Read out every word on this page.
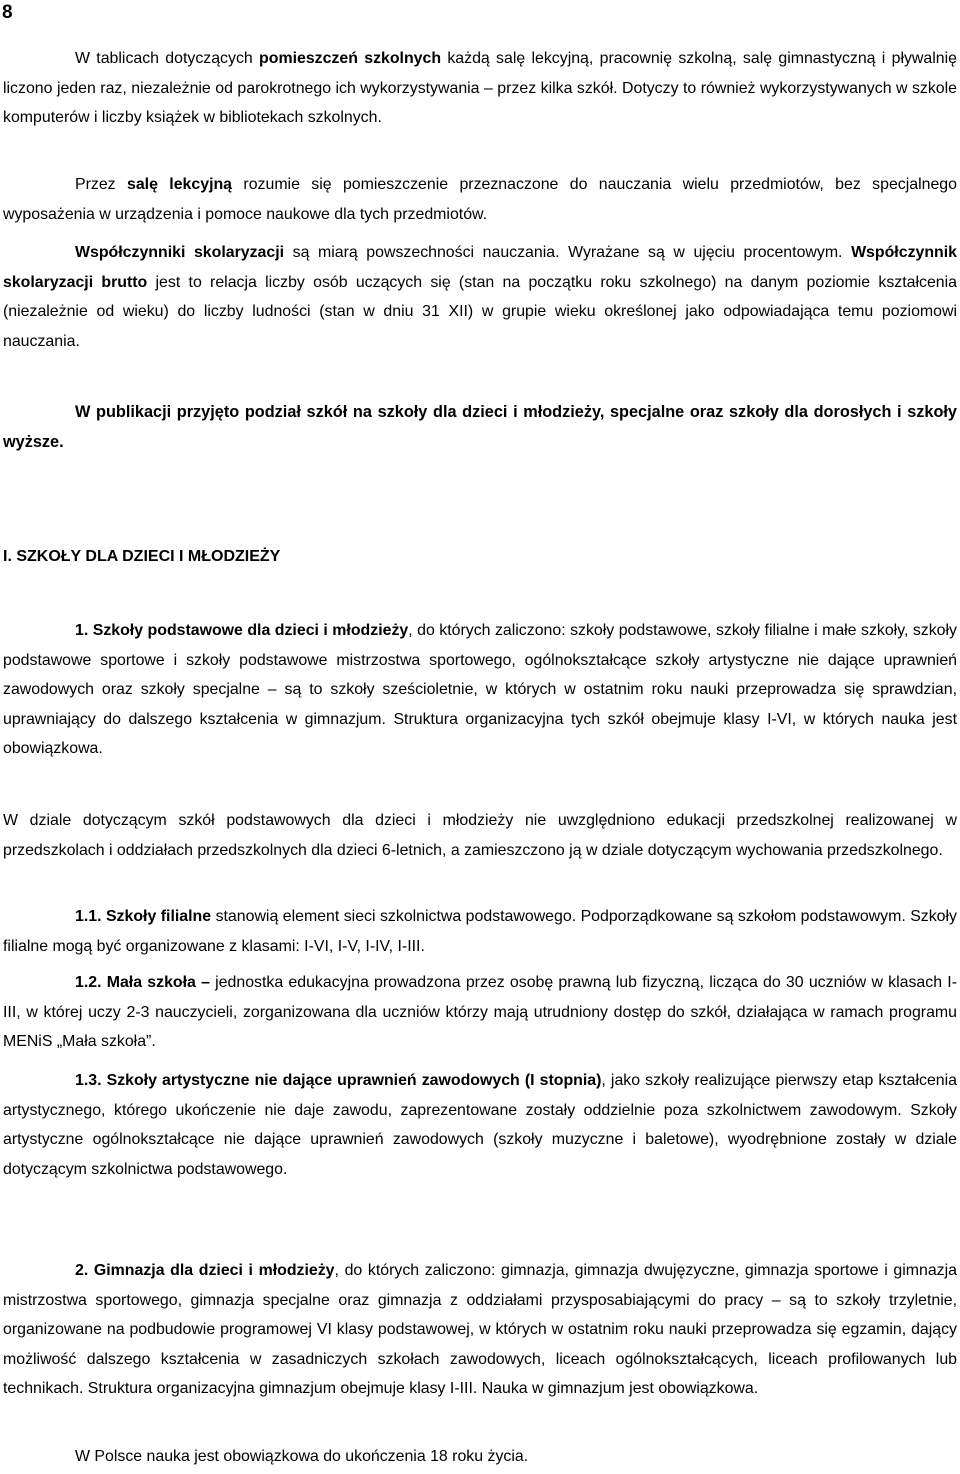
8

W tablicach dotyczących pomieszczeń szkolnych każdą salę lekcyjną, pracownię szkolną, salę gimnastyczną i pływalnię liczono jeden raz, niezależnie od parokrotnego ich wykorzystywania – przez kilka szkół. Dotyczy to również wykorzystywanych w szkole komputerów i liczby książek w bibliotekach szkolnych.

Przez salę lekcyjną rozumie się pomieszczenie przeznaczone do nauczania wielu przedmiotów, bez specjalnego wyposażenia w urządzenia i pomoce naukowe dla tych przedmiotów.

Współczynniki skolaryzacji są miarą powszechności nauczania. Wyrażane są w ujęciu procentowym. Współczynnik skolaryzacji brutto jest to relacja liczby osób uczących się (stan na początku roku szkolnego) na danym poziomie kształcenia (niezależnie od wieku) do liczby ludności (stan w dniu 31 XII) w grupie wieku określonej jako odpowiadająca temu poziomowi nauczania.

W publikacji przyjęto podział szkół na szkoły dla dzieci i młodzieży, specjalne oraz szkoły dla dorosłych i szkoły wyższe.

I. SZKOŁY DLA DZIECI I MŁODZIEŻY

1. Szkoły podstawowe dla dzieci i młodzieży, do których zaliczono: szkoły podstawowe, szkoły filialne i małe szkoły, szkoły podstawowe sportowe i szkoły podstawowe mistrzostwa sportowego, ogólnokształcące szkoły artystyczne nie dające uprawnień zawodowych oraz szkoły specjalne – są to szkoły sześcioletnie, w których w ostatnim roku nauki przeprowadza się sprawdzian, uprawniający do dalszego kształcenia w gimnazjum. Struktura organizacyjna tych szkół obejmuje klasy I-VI, w których nauka jest obowiązkowa.

W dziale dotyczącym szkół podstawowych dla dzieci i młodzieży nie uwzględniono edukacji przedszkolnej realizowanej w przedszkolach i oddziałach przedszkolnych dla dzieci 6-letnich, a zamieszczono ją w dziale dotyczącym wychowania przedszkolnego.

1.1. Szkoły filialne stanowią element sieci szkolnictwa podstawowego. Podporządkowane są szkołom podstawowym. Szkoły filialne mogą być organizowane z klasami: I-VI, I-V, I-IV, I-III.

1.2. Mała szkoła – jednostka edukacyjna prowadzona przez osobę prawną lub fizyczną, licząca do 30 uczniów w klasach I-III, w której uczy 2-3 nauczycieli, zorganizowana dla uczniów którzy mają utrudniony dostęp do szkół, działająca w ramach programu MENiS „Mała szkoła”.

1.3. Szkoły artystyczne nie dające uprawnień zawodowych (I stopnia), jako szkoły realizujące pierwszy etap kształcenia artystycznego, którego ukończenie nie daje zawodu, zaprezentowane zostały oddzielnie poza szkolnictwem zawodowym. Szkoły artystyczne ogólnokształcące nie dające uprawnień zawodowych (szkoły muzyczne i baletowe), wyodrębnione zostały w dziale dotyczącym szkolnictwa podstawowego.

2. Gimnazja dla dzieci i młodzieży, do których zaliczono: gimnazja, gimnazja dwujęzyczne, gimnazja sportowe i gimnazja mistrzostwa sportowego, gimnazja specjalne oraz gimnazja z oddziałami przysposabiającymi do pracy – są to szkoły trzyletnie, organizowane na podbudowie programowej VI klasy podstawowej, w których w ostatnim roku nauki przeprowadza się egzamin, dający możliwość dalszego kształcenia w zasadniczych szkołach zawodowych, liceach ogólnokształcących, liceach profilowanych lub technikach. Struktura organizacyjna gimnazjum obejmuje klasy I-III. Nauka w gimnazjum jest obowiązkowa.

W Polsce nauka jest obowiązkowa do ukończenia 18 roku życia.
